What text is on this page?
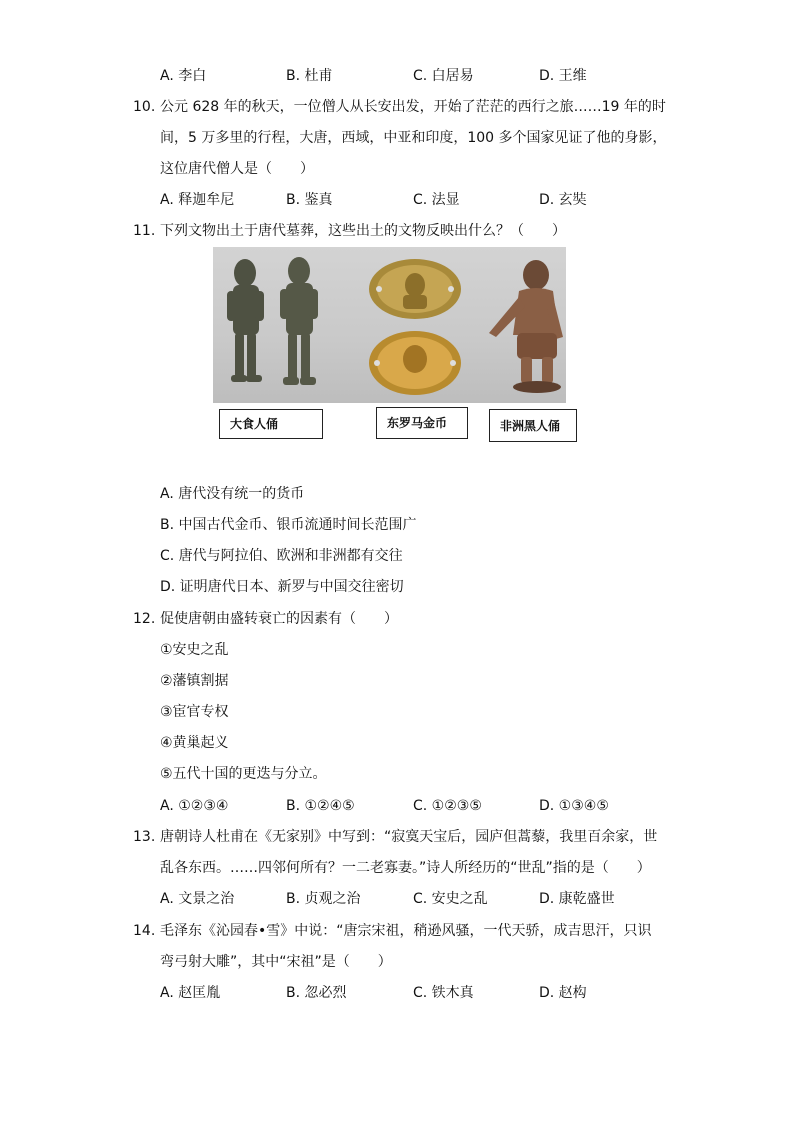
A. 李白	B. 杜甫	C. 白居易	D. 王维
10. 公元 628 年的秋天，一位僧人从长安出发，开始了茫茫的西行之旅……19 年的时
间，5 万多里的行程，大唐，西域，中亚和印度，100 多个国家见证了他的身影，
这位唐代僧人是（　　）
A. 释迦牟尼	B. 鉴真	C. 法显	D. 玄奘
11. 下列文物出土于唐代墓葬，这些出土的文物反映出什么？（　　）
大食人俑	东罗马金币	非洲黑人俑
A. 唐代没有统一的货币
B. 中国古代金币、银币流通时间长范围广
C. 唐代与阿拉伯、欧洲和非洲都有交往
D. 证明唐代日本、新罗与中国交往密切
12. 促使唐朝由盛转衰亡的因素有（　　）
①安史之乱
②藩镇割据
③宦官专权
④黄巢起义
⑤五代十国的更迭与分立。
A. ①②③④	B. ①②④⑤	C. ①②③⑤	D. ①③④⑤
13. 唐朝诗人杜甫在《无家别》中写到：“寂寞天宝后，园庐但蒿藜，我里百余家，世
乱各东西。……四邻何所有？一二老寡妻。”诗人所经历的“世乱”指的是（　　）
A. 文景之治	B. 贞观之治	C. 安史之乱	D. 康乾盛世
14. 毛泽东《沁园春•雪》中说：“唐宗宋祖，稍逊风骚，一代天骄，成吉思汗，只识
弯弓射大雕”，其中“宋祖”是（　　）
A. 赵匡胤	B. 忽必烈	C. 铁木真	D. 赵构
